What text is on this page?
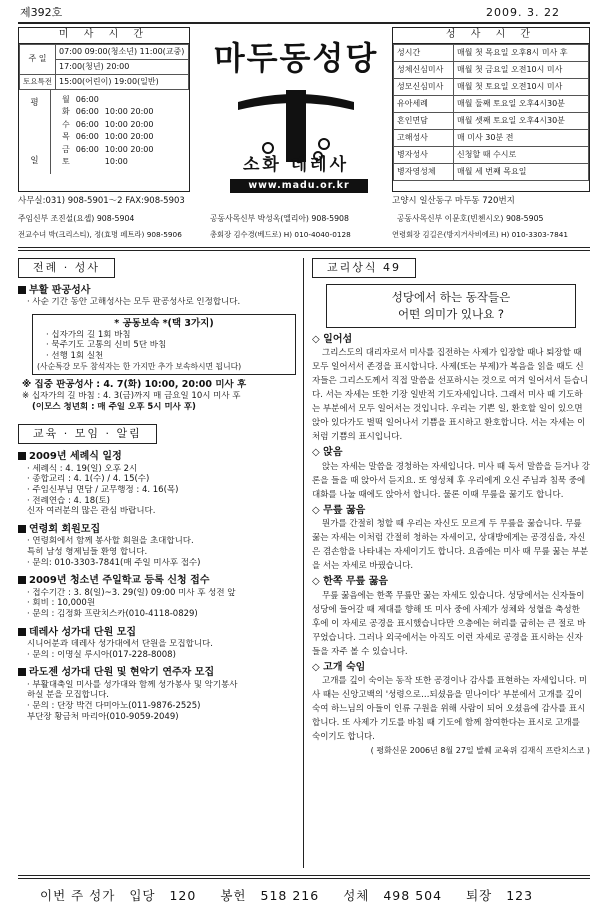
제392호	2009. 3. 22
미 사 시 간
주 일	07:00 09:00(청소년) 11:00(교중)
	17:00(청년) 20:00
토요특전	15:00(어린이) 19:00(일반)
평
일
월	06:00	
화	06:00	10:00 20:00
수	06:00	10:00 20:00
목	06:00	10:00 20:00
금	06:00	10:00 20:00
토		10:00
마두동성당
소화 데레사
www.madu.or.kr
성 사 시 간
성시간	매월 첫 목요일 오후8시 미사 후
성체신심미사	매월 첫 금요일 오전10시 미사
성모신심미사	매월 첫 토요일 오전10시 미사
유아세례	매월 둘째 토요일 오후4시30분
혼인면담	매월 셋째 토요일 오후4시30분
고해성사	매 미사 30분 전
병자성사	신청할 때 수시로
병자영성체	매월 세 번째 목요일
사무실:031) 908-5901～2 FAX:908-5903	고양시 일산동구 마두동 720번지
주임신부 조진설(요셉) 908-5904	공동사목신부 박성옥(엘리아) 908-5908	공동사목신부 이문호(빈첸시오) 908-5905
전교수녀 박(크리스티), 정(효명 페트라) 908-5906	총회장 김수경(베드로) H) 010-4040-0128	연령회장 김길은(방지거사비에르) H) 010-3303-7841
전례 · 성사
부활 판공성사
· 사순 기간 동안 고해성사는 모두 판공성사로 인정합니다.
* 공동보속 *(택 3가지)
· 십자가의 길 1회 바침
· 묵주기도 고통의 신비 5단 바침
· 선행 1회 실천
(사순특강 모두 참석자는 한 가지만 추가 보속하시면 됩니다)
※ 집중 판공성사 : 4. 7(화) 10:00, 20:00 미사 후
※ 십자가의 길 바침 : 4. 3(금)까지 매 금요일 10시 미사 후
(이모스 청년회 : 매 주일 오후 5시 미사 후)
교육 · 모임 · 알림
2009년 세례식 일정
· 세례식 : 4. 19(일) 오후 2시
· 종합교리 : 4. 1(수) / 4. 15(수)
· 주임신부님 면담 / 교무행정 : 4. 16(목)
· 전례연습 : 4. 18(토)
신자 여러분의 많은 관심 바랍니다.
연령회 회원모집
· 연령회에서 함께 봉사할 회원을 초대합니다.
특히 남성 형제님들 환영 합니다.
· 문의: 010-3303-7841(매 주일 미사후 접수)
2009년 청소년 주일학교 등록 신청 접수
· 접수기간 : 3. 8(일)~3. 29(일) 09:00 미사 후 성전 앞
· 회비 : 10,000원
· 문의 : 김정화 프란치스카(010-4118-0829)
데레사 성가대 단원 모집
시니어분과 데레사 성가대에서 단원을 모집합니다.
· 문의 : 이명실 루시아(017-228-8008)
라도젠 성가대 단원 및 현악기 연주자 모집
· 부활대축일 미사를 성가대와 함께 성가봉사 및 악기봉사
하실 분을 모집합니다.
· 문의 : 단장 박건 다미아노(011-9876-2525)
부단장 황금처 마리아(010-9059-2049)
교리상식 49
성당에서 하는 동작들은
어떤 의미가 있나요 ?
◇ 일어섬
그리스도의 대리자로서 미사를 집전하는 사제가 입장할 때나 퇴장할 때 모두 일어서서 존경을 표시합니다. 사제(또는 부제)가 복음을 읽을 때도 신자들은 그리스도께서 직접 말씀을 선포하시는 것으로 여겨 일어서서 듣습니다. 서는 자세는 또한 기장 일반적 기도자세입니다. 그래서 미사 때 기도하는 부분에서 모두 일어서는 것입니다. 우리는 기쁜 일, 환호할 일이 있으면 앉아 있다가도 벌떡 일어나서 기쁨을 표시하고 환호합니다. 서는 자세는 이처럼 기쁨의 표시입니다.
◇ 앉음
앉는 자세는 말씀을 경청하는 자세입니다. 미사 때 독서 말씀을 듣거나 강론을 들을 때 앉아서 듣지요. 또 영성체 후 우리에게 오신 주님과 침묵 중에 대화를 나눌 때에도 앉아서 합니다. 물론 이때 무릎을 꿇기도 합니다.
◇ 무릎 꿇음
뭔가를 간절히 청할 때 우리는 자신도 모르게 두 무릎을 꿇습니다. 무릎 꿇는 자세는 이처럼 간절히 청하는 자세이고, 상대방에게는 공경심을, 자신은 겸손함을 나타내는 자세이기도 합니다. 요즘에는 미사 때 무릎 꿇는 부분을 서는 자세로 바꿨습니다.
◇ 한쪽 무릎 꿇음
무릎 꿇음에는 한쪽 무릎만 꿇는 자세도 있습니다. 성당에서는 신자들이 성당에 들어갈 때 제대를 향해 또 미사 중에 사제가 성체와 성혈을 축성한 후에 이 자세로 공경을 표시했습니다만 으층에는 허리를 굽히는 큰 절로 바꾸었습니다. 그러나 외국에서는 아직도 이런 자세로 공경을 표시하는 신자들을 자주 볼 수 있습니다.
◇ 고개 숙임
고개를 깊이 숙이는 동작 또한 공경이나 감사를 표현하는 자세입니다. 미사 때는 신앙고백의 '성령으로…되셨음을 믿나이다' 부분에서 고개를 깊이 숙여 하느님의 아들이 인류 구원을 위해 사람이 되어 오셨음에 감사를 표시합니다. 또 사제가 기도를 바침 때 기도에 함께 참여한다는 표시로 고개를 숙이기도 합니다.
( 평화신문 2006년 8월 27일 발췌 교육위 김재식 프란치스코 )
이번 주 성가 입당 120 봉헌 518 216 성체 498 504 퇴장 123
